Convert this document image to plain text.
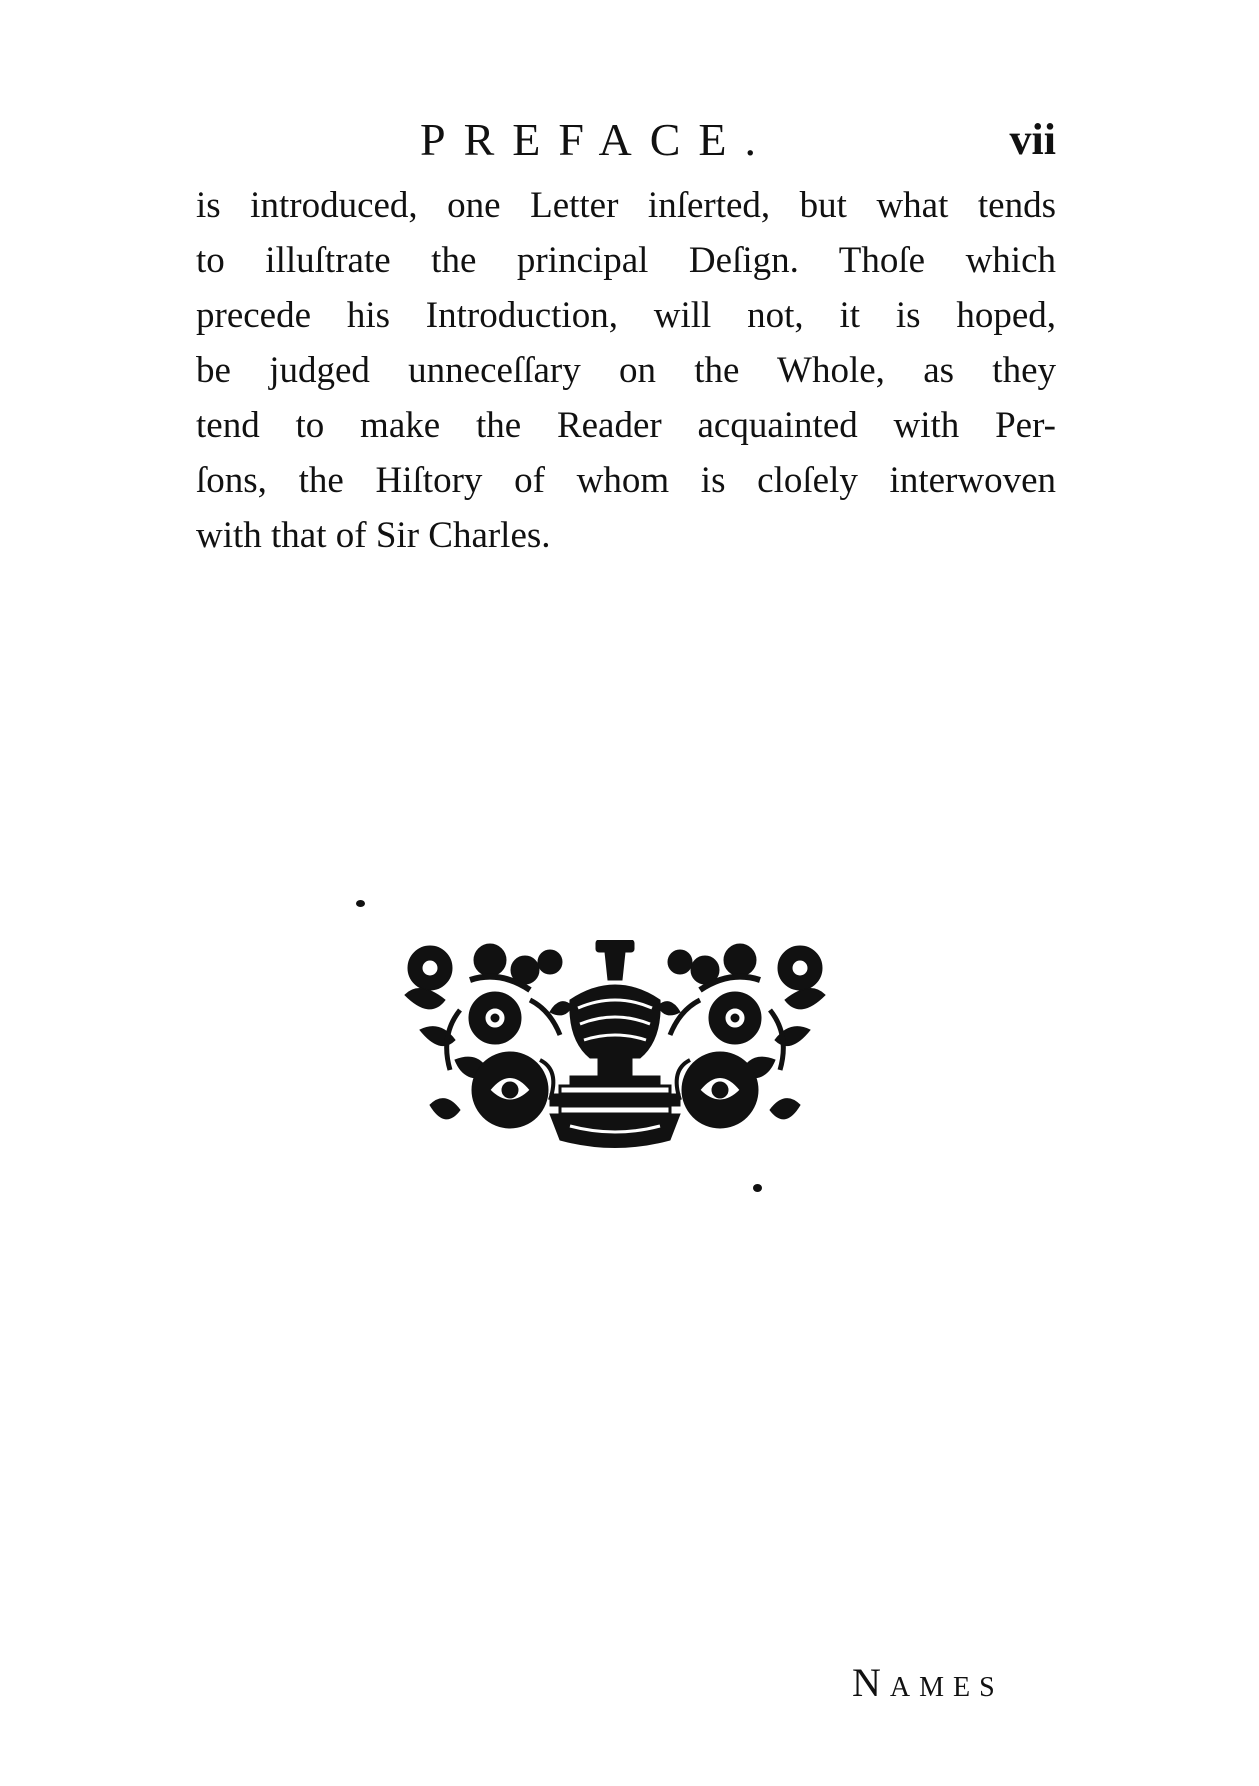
PREFACE.	vii
is introduced, one Letter inſerted, but what tends
to illuſtrate the principal Deſign. Thoſe which
precede his Introduction, will not, it is hoped,
be judged unneceſſary on the Whole, as they
tend to make the Reader acquainted with Per-
ſons, the Hiſtory of whom is cloſely interwoven
with that of Sir Charles.
Names
